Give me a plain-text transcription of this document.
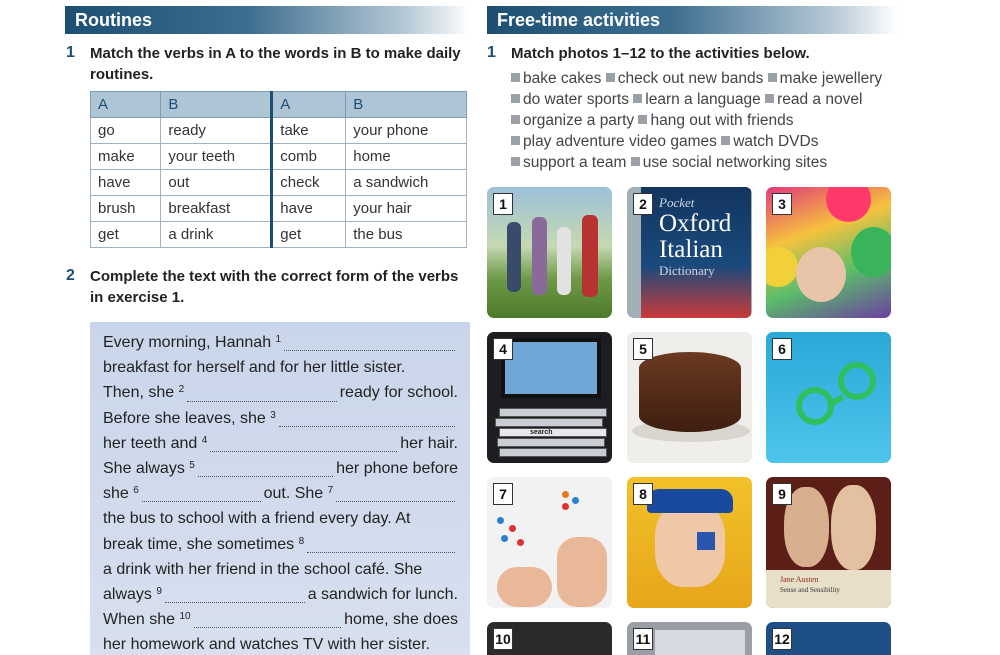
Routines
1 Match the verbs in A to the words in B to make daily routines.
A	B	A	B
go	ready	take	your phone
make	your teeth	comb	home
have	out	check	a sandwich
brush	breakfast	have	your hair
get	a drink	get	the bus
2 Complete the text with the correct form of the verbs in exercise 1.
Every morning, Hannah
$^1$
breakfast for herself and for her little sister.
Then, she
$^2$	ready for school.
Before she leaves, she
$^3$
her teeth and
$^4$	her hair.
She always
$^5$	her phone before
she
$^6$	out. She
$^7$
the bus to school with a friend every day. At
break time, she sometimes
$^8$
a drink with her friend in the school café. She
always
$^9$	a sandwich for lunch.
When she
$^{10}$	home, she does
her homework and watches TV with her sister.
Free-time activities
1 Match photos 1–12 to the activities below.
bake cakes check out new bands make jewellery
do water sports learn a language read a novel
organize a party hang out with friends
play adventure video games watch DVDs
support a team use social networking sites
1	Pocket
Oxford
Italian
Dictionary
2	3
search
4	5	6
7	8
Jane Austen
Sense and Sensibility
9
10	11	12
